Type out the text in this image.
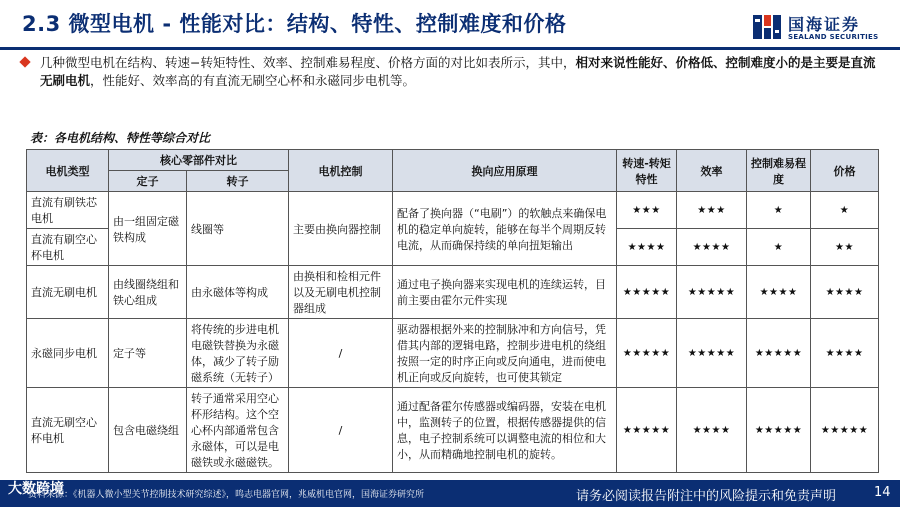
2.3 微型电机 - 性能对比：结构、特性、控制难度和价格	国海证券
SEALAND SECURITIES
几种微型电机在结构、转速−转矩特性、效率、控制难易程度、价格方面的对比如表所示，其中，相对来说性能好、价格低、控制难度小的是主要是直流无刷电机，性能好、效率高的有直流无刷空心杯和永磁同步电机等。
表：各电机结构、特性等综合对比
电机类型	核心零部件对比		电机控制	换向应用原理	转速-转矩特性	效率	控制难易程度	价格
	定子	转子						
直流有刷铁芯电机	由一组固定磁铁构成	线圈等	主要由换向器控制	配备了换向器（“电刷”）的软触点来确保电机的稳定单向旋转，能够在每半个周期反转电流，从而确保持续的单向扭矩输出	★★★	★★★	★	★
直流有刷空心杯电机					★★★★	★★★★	★	★★
直流无刷电机	由线圈绕组和铁心组成	由永磁体等构成	由换相和检相元件以及无刷电机控制器组成	通过电子换向器来实现电机的连续运转，目前主要由霍尔元件实现	★★★★★	★★★★★	★★★★	★★★★
永磁同步电机	定子等	将传统的步进电机电磁铁替换为永磁体，减少了转子励磁系统（无转子）	/	驱动器根据外来的控制脉冲和方向信号，凭借其内部的逻辑电路，控制步进电机的绕组按照一定的时序正向或反向通电，进而使电机正向或反向旋转，也可使其锁定	★★★★★	★★★★★	★★★★★	★★★★
直流无刷空心杯电机	包含电磁绕组	转子通常采用空心杯形结构。这个空心杯内部通常包含永磁体，可以是电磁铁或永磁磁铁。	/	通过配备霍尔传感器或编码器，安装在电机中，监测转子的位置，根据传感器提供的信息，电子控制系统可以调整电流的相位和大小，从而精确地控制电机的旋转。	★★★★★	★★★★	★★★★★	★★★★★
资料来源：《机器人微小型关节控制技术研究综述》，鸣志电器官网，兆威机电官网，国海证券研究所
大数跨境	请务必阅读报告附注中的风险提示和免责声明	14
